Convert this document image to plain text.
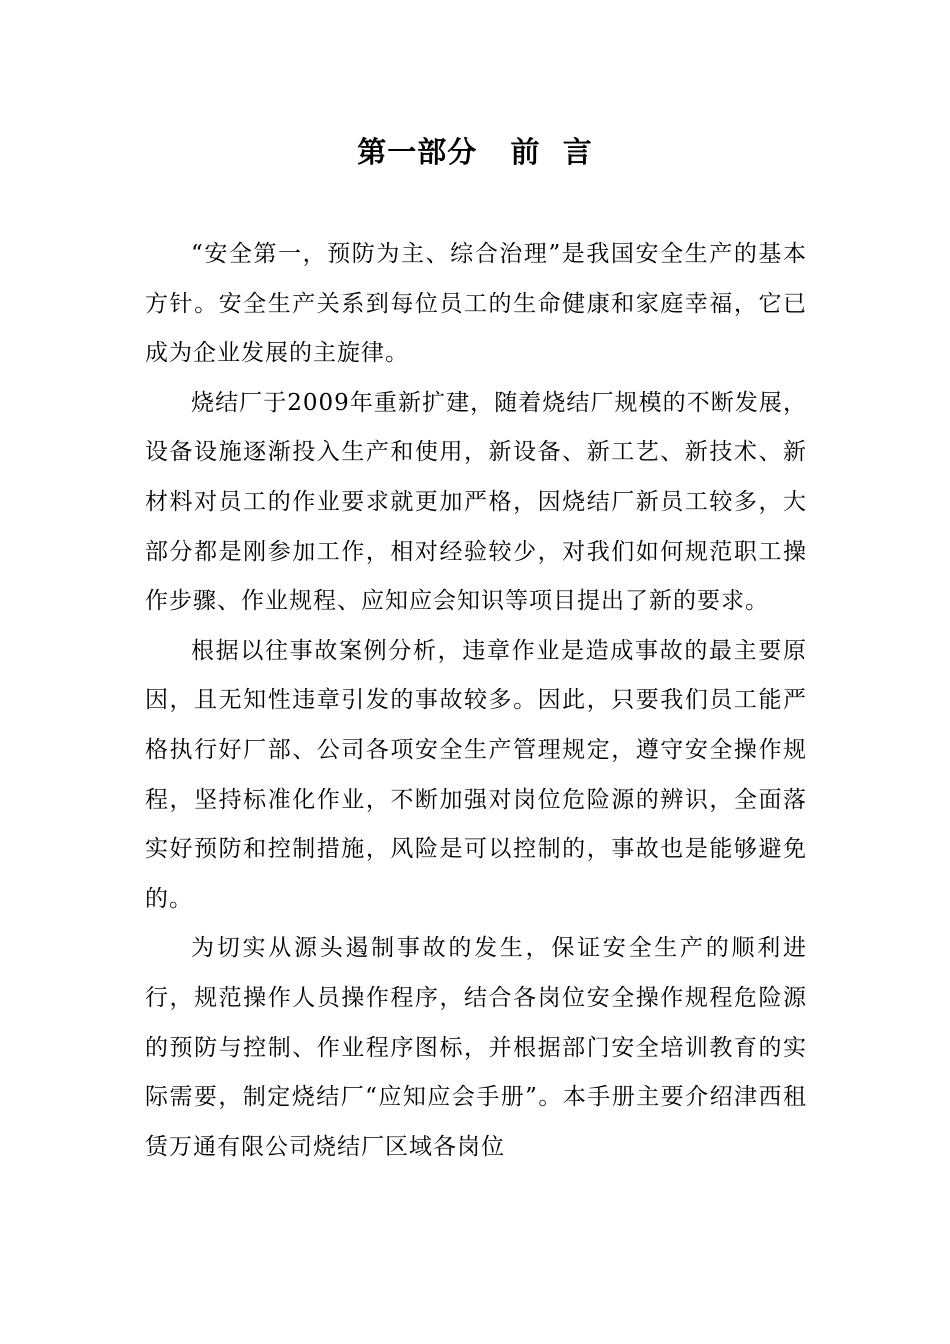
第一部分   前  言

“安全第一，预防为主、综合治理”是我国安全生产的基本方针。安全生产关系到每位员工的生命健康和家庭幸福，它已成为企业发展的主旋律。

烧结厂于2009年重新扩建，随着烧结厂规模的不断发展，设备设施逐渐投入生产和使用，新设备、新工艺、新技术、新材料对员工的作业要求就更加严格，因烧结厂新员工较多，大部分都是刚参加工作，相对经验较少，对我们如何规范职工操作步骤、作业规程、应知应会知识等项目提出了新的要求。

根据以往事故案例分析，违章作业是造成事故的最主要原因，且无知性违章引发的事故较多。因此，只要我们员工能严格执行好厂部、公司各项安全生产管理规定，遵守安全操作规程，坚持标准化作业，不断加强对岗位危险源的辨识，全面落实好预防和控制措施，风险是可以控制的，事故也是能够避免的。

为切实从源头遏制事故的发生，保证安全生产的顺利进行，规范操作人员操作程序，结合各岗位安全操作规程危险源的预防与控制、作业程序图标，并根据部门安全培训教育的实际需要，制定烧结厂“应知应会手册”。本手册主要介绍津西租赁万通有限公司烧结厂区域各岗位
